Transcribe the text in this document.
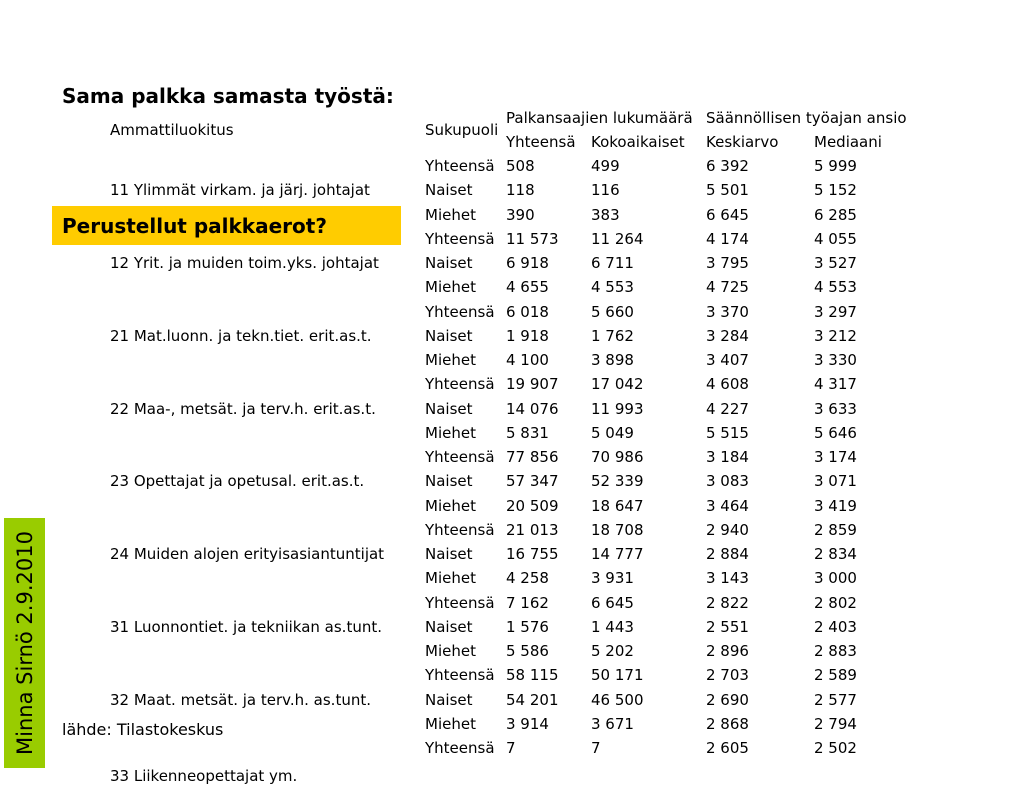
Sama palkka samasta työstä:
Ammattiluokitus	Sukupuoli	Palkansaajien lukumäärä		Säännöllisen työajan ansio	
		Yhteensä	Kokoaikaiset	Keskiarvo	Mediaani
11 Ylimmät virkam. ja järj. johtajat	Yhteensä	508	499	6 392	5 999
	Naiset	118	116	5 501	5 152
	Miehet	390	383	6 645	6 285
12 Yrit. ja muiden toim.yks. johtajat	Yhteensä	11 573	11 264	4 174	4 055
	Naiset	6 918	6 711	3 795	3 527
	Miehet	4 655	4 553	4 725	4 553
21 Mat.luonn. ja tekn.tiet. erit.as.t.	Yhteensä	6 018	5 660	3 370	3 297
	Naiset	1 918	1 762	3 284	3 212
	Miehet	4 100	3 898	3 407	3 330
22 Maa-, metsät. ja terv.h. erit.as.t.	Yhteensä	19 907	17 042	4 608	4 317
	Naiset	14 076	11 993	4 227	3 633
	Miehet	5 831	5 049	5 515	5 646
23 Opettajat ja opetusal. erit.as.t.	Yhteensä	77 856	70 986	3 184	3 174
	Naiset	57 347	52 339	3 083	3 071
	Miehet	20 509	18 647	3 464	3 419
24 Muiden alojen erityisasiantuntijat	Yhteensä	21 013	18 708	2 940	2 859
	Naiset	16 755	14 777	2 884	2 834
	Miehet	4 258	3 931	3 143	3 000
31 Luonnontiet. ja tekniikan as.tunt.	Yhteensä	7 162	6 645	2 822	2 802
	Naiset	1 576	1 443	2 551	2 403
	Miehet	5 586	5 202	2 896	2 883
32 Maat. metsät. ja terv.h. as.tunt.	Yhteensä	58 115	50 171	2 703	2 589
	Naiset	54 201	46 500	2 690	2 577
	Miehet	3 914	3 671	2 868	2 794
	Yhteensä	7	7	2 605	2 502
33 Liikenneopettajat ym.					
Perustellut palkkaerot?
lähde: Tilastokeskus
Minna Sirnö 2.9.2010
